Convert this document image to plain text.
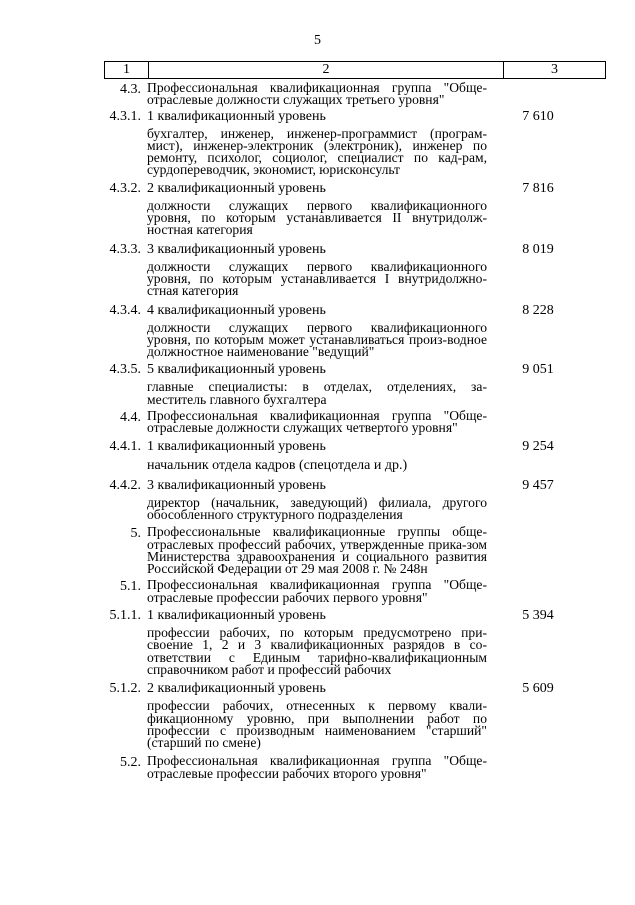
5
1	2	3
4.3. Профессиональная квалификационная группа "Обще-отраслевые должности служащих третьего уровня"
4.3.1. 1 квалификационный уровень	7 610
бухгалтер, инженер, инженер-программист (програм-мист), инженер-электроник (электроник), инженер по ремонту, психолог, социолог, специалист по кад-рам, сурдопереводчик, экономист, юрисконсульт
4.3.2. 2 квалификационный уровень	7 816
должности служащих первого квалификационного уровня, по которым устанавливается II внутридолж-ностная категория
4.3.3. 3 квалификационный уровень	8 019
должности служащих первого квалификационного уровня, по которым устанавливается I внутридолжно-стная категория
4.3.4. 4 квалификационный уровень	8 228
должности служащих первого квалификационного уровня, по которым может устанавливаться произ-водное должностное наименование "ведущий"
4.3.5. 5 квалификационный уровень	9 051
главные специалисты: в отделах, отделениях, за-меститель главного бухгалтера
4.4. Профессиональная квалификационная группа "Обще-отраслевые должности служащих четвертого уровня"
4.4.1. 1 квалификационный уровень	9 254
начальник отдела кадров (спецотдела и др.)
4.4.2. 3 квалификационный уровень	9 457
директор (начальник, заведующий) филиала, другого обособленного структурного подразделения
5. Профессиональные квалификационные группы обще-отраслевых профессий рабочих, утвержденные прика-зом Министерства здравоохранения и социального развития Российской Федерации от 29 мая 2008 г. № 248н
5.1. Профессиональная квалификационная группа "Обще-отраслевые профессии рабочих первого уровня"
5.1.1. 1 квалификационный уровень	5 394
профессии рабочих, по которым предусмотрено при-своение 1, 2 и 3 квалификационных разрядов в со-ответствии с Единым тарифно-квалификационным справочником работ и профессий рабочих
5.1.2. 2 квалификационный уровень	5 609
профессии рабочих, отнесенных к первому квали-фикационному уровню, при выполнении работ по профессии с производным наименованием "старший" (старший по смене)
5.2. Профессиональная квалификационная группа "Обще-отраслевые профессии рабочих второго уровня"
